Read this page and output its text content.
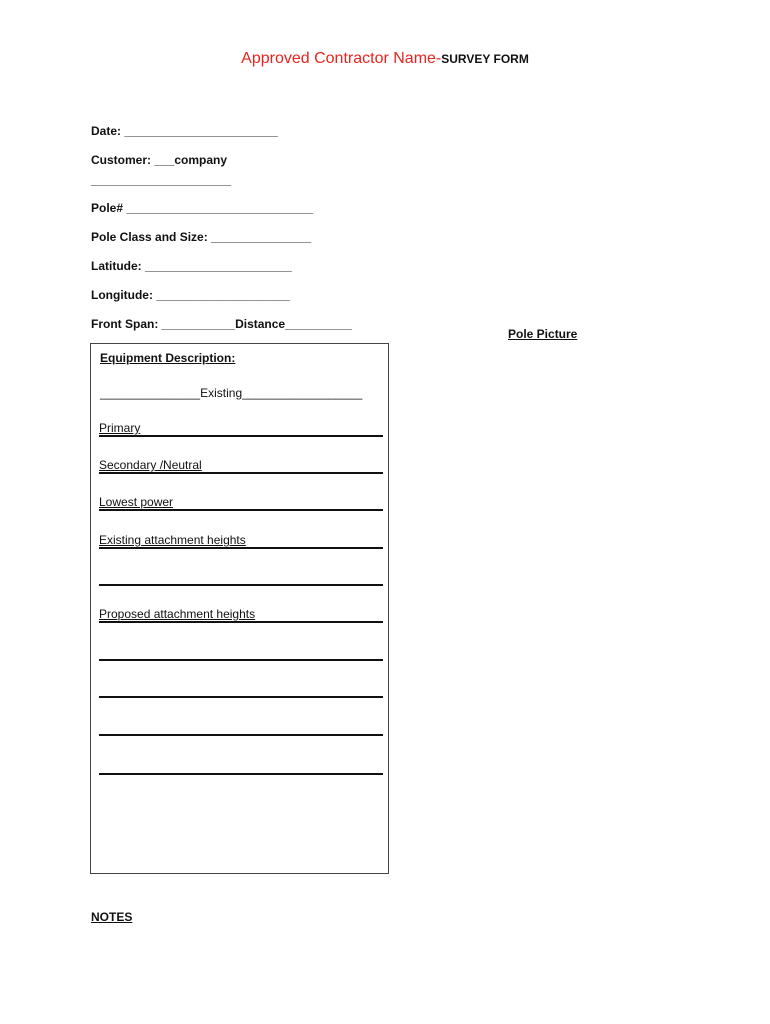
Approved Contractor Name-SURVEY FORM
Date: _______________________
Customer: ___company
_____________________
Pole# ____________________________
Pole Class and Size: _______________
Latitude: ______________________
Longitude: ____________________
Front Span: ___________Distance__________
Pole Picture
Equipment Description:
_______________Existing__________________
Primary
Secondary /Neutral
Lowest power
Existing attachment heights
Proposed attachment heights
NOTES
